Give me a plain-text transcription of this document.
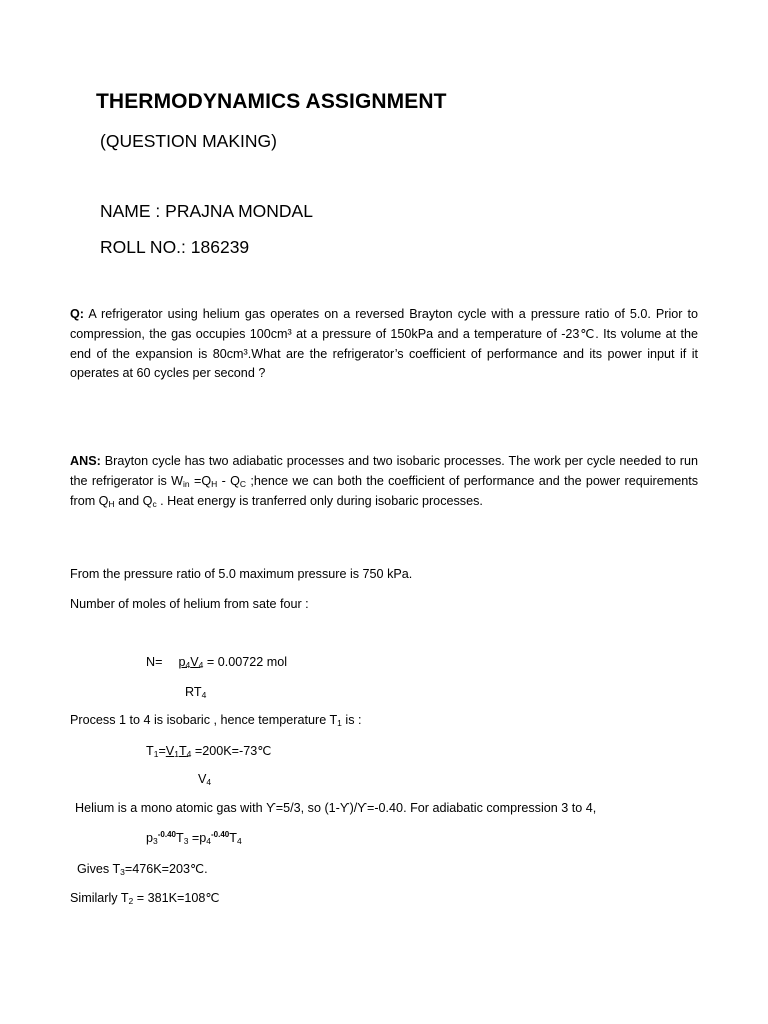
THERMODYNAMICS ASSIGNMENT
(QUESTION MAKING)
NAME : PRAJNA MONDAL
ROLL NO.: 186239
Q: A refrigerator using helium gas operates on a reversed Brayton cycle with a pressure ratio of 5.0. Prior to compression, the gas occupies 100cm³ at a pressure of 150kPa and a temperature of -23℃. Its volume at the end of the expansion is 80cm³.What are the refrigerator’s coefficient of performance and its power input if it operates at 60 cycles per second ?
ANS: Brayton cycle has two adiabatic processes and two isobaric processes. The work per cycle needed to run the refrigerator is $W_{in} =Q_H - Q_C$ ;hence we can both the coefficient of performance and the power requirements from $Q_H$ and $Q_c$ . Heat energy is tranferred only during isobaric processes.
From the pressure ratio of 5.0 maximum pressure is 750 kPa.
Number of moles of helium from sate four :
$N= p_4V_4 = 0.00722$ mol
$RT_4$
Process 1 to 4 is isobaric , hence temperature $T_1$ is :
$T_1=V_1T_4$ =200K=-73℃
$V_4$
Helium is a mono atomic gas with Ƴ=5/3, so (1-Ƴ)/Ƴ=-0.40. For adiabatic compression 3 to 4,
$p_3^{-0.40}T_3 =p_4^{-0.40}T_4$
Gives $T_3=476K=203℃$.
Similarly $T_2$ = 381K=108℃
